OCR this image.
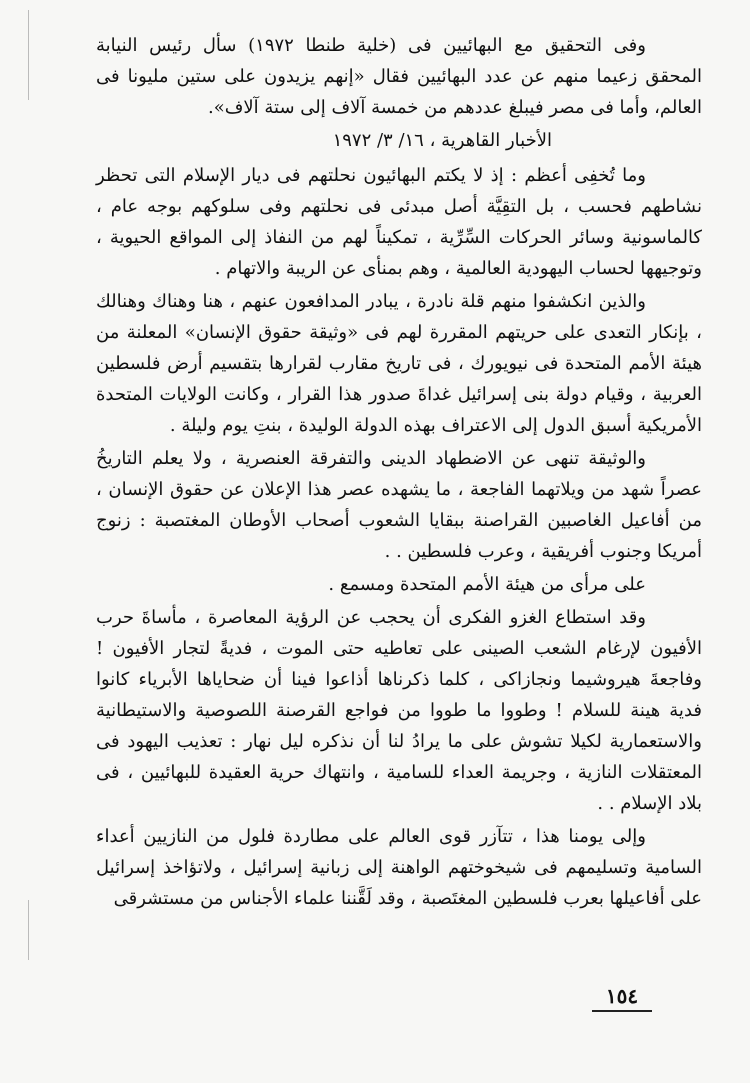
وفى التحقيق مع البهائيين فى (خلية طنطا ١٩٧٢) سأل رئيس النيابة المحقق زعيما منهم عن عدد البهائيين فقال «إنهم يزيدون على ستين مليونا فى العالم، وأما فى مصر فيبلغ عددهم من خمسة آلاف إلى ستة آلاف».

الأخبار القاهرية ، ١٦/ ٣/ ١٩٧٢

وما تُخفِى أعظم : إذ لا يكتم البهائيون نحلتهم فى ديار الإسلام التى تحظر نشاطهم فحسب ، بل التقِيَّة أصل مبدئى فى نحلتهم وفى سلوكهم بوجه عام ، كالماسونية وسائر الحركات السِّرِّية ، تمكيناً لهم من النفاذ إلى المواقع الحيوية ، وتوجيهها لحساب اليهودية العالمية ، وهم بمنأى عن الريبة والاتهام .

والذين انكشفوا منهم قلة نادرة ، يبادر المدافعون عنهم ، هنا وهناك وهنالك ، بإنكار التعدى على حريتهم المقررة لهم فى «وثيقة حقوق الإنسان» المعلنة من هيئة الأمم المتحدة فى نيويورك ، فى تاريخ مقارب لقرارها بتقسيم أرض فلسطين العربية ، وقيام دولة بنى إسرائيل غداةَ صدور هذا القرار ، وكانت الولايات المتحدة الأمريكية أسبق الدول إلى الاعتراف بهذه الدولة الوليدة ، بنتِ يوم وليلة .

والوثيقة تنهى عن الاضطهاد الدينى والتفرقة العنصرية ، ولا يعلم التاريخُ عصراً شهد من ويلاتهما الفاجعة ، ما يشهده عصر هذا الإعلان عن حقوق الإنسان ، من أفاعيل الغاصبين القراصنة ببقايا الشعوب أصحاب الأوطان المغتصبة : زنوج أمريكا وجنوب أفريقية ، وعرب فلسطين . .

على مرأى من هيئة الأمم المتحدة ومسمع .

وقد استطاع الغزو الفكرى أن يحجب عن الرؤية المعاصرة ، مأساةَ حرب الأفيون لإرغام الشعب الصينى على تعاطيه حتى الموت ، فديةً لتجار الأفيون ! وفاجعةَ هيروشيما ونجازاكى ، كلما ذكرناها أذاعوا فينا أن ضحاياها الأبرياء كانوا فدية هينة للسلام ! وطووا ما طووا من فواجع القرصنة اللصوصية والاستيطانية والاستعمارية لكيلا تشوش على ما يرادُ لنا أن نذكره ليل نهار : تعذيب اليهود فى المعتقلات النازية ، وجريمة العداء للسامية ، وانتهاك حرية العقيدة للبهائيين ، فى بلاد الإسلام . .

وإلى يومنا هذا ، تتآزر قوى العالم على مطاردة فلول من النازيين أعداء السامية وتسليمهم فى شيخوختهم الواهنة إلى زبانية إسرائيل ، ولاتؤاخذ إسرائيل على أفاعيلها بعرب فلسطين المغتَصبة ، وقد لَقَّننا علماء الأجناس من مستشرقى

١٥٤
